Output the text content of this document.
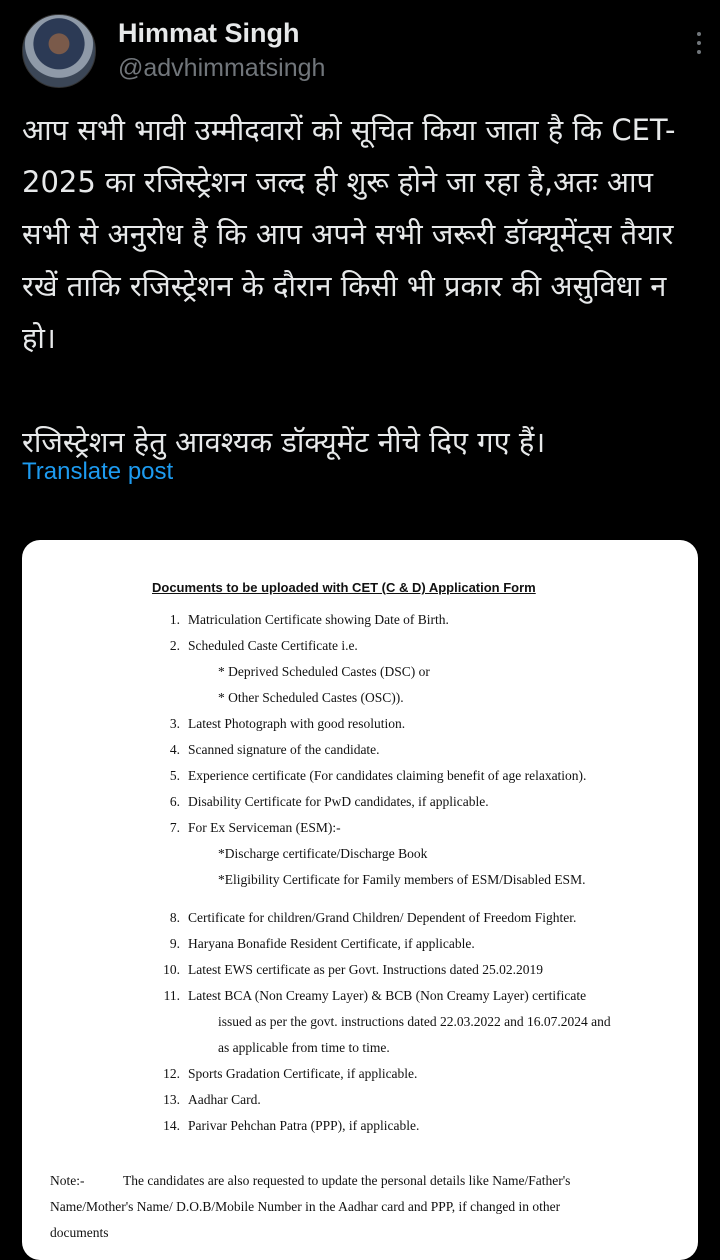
Himmat Singh
@advhimmatsingh

आप सभी भावी उम्मीदवारों को सूचित किया जाता है कि CET-2025 का रजिस्ट्रेशन जल्द ही शुरू होने जा रहा है,अतः आप सभी से अनुरोध है कि आप अपने सभी जरूरी डॉक्यूमेंट्स तैयार रखें ताकि रजिस्ट्रेशन के दौरान किसी भी प्रकार की असुविधा न हो।

रजिस्ट्रेशन हेतु आवश्यक डॉक्यूमेंट नीचे दिए गए हैं।

Translate post
Documents to be uploaded with CET (C & D) Application Form
1. Matriculation Certificate showing Date of Birth.
2. Scheduled Caste Certificate i.e.
* Deprived Scheduled Castes (DSC) or
* Other Scheduled Castes (OSC)).
3. Latest Photograph with good resolution.
4. Scanned signature of the candidate.
5. Experience certificate (For candidates claiming benefit of age relaxation).
6. Disability Certificate for PwD candidates, if applicable.
7. For Ex Serviceman (ESM):-
*Discharge certificate/Discharge Book
*Eligibility Certificate for Family members of ESM/Disabled ESM.
8. Certificate for children/Grand Children/ Dependent of Freedom Fighter.
9. Haryana Bonafide Resident Certificate, if applicable.
10. Latest EWS certificate as per Govt. Instructions dated 25.02.2019
11. Latest BCA (Non Creamy Layer) & BCB (Non Creamy Layer) certificate
issued as per the govt. instructions dated 22.03.2022 and 16.07.2024 and
as applicable from time to time.
12. Sports Gradation Certificate, if applicable.
13. Aadhar Card.
14. Parivar Pehchan Patra (PPP), if applicable.
Note:-	The candidates are also requested to update the personal details like Name/Father's
Name/Mother's Name/ D.O.B/Mobile Number in the Aadhar card and PPP, if changed in other
documents
